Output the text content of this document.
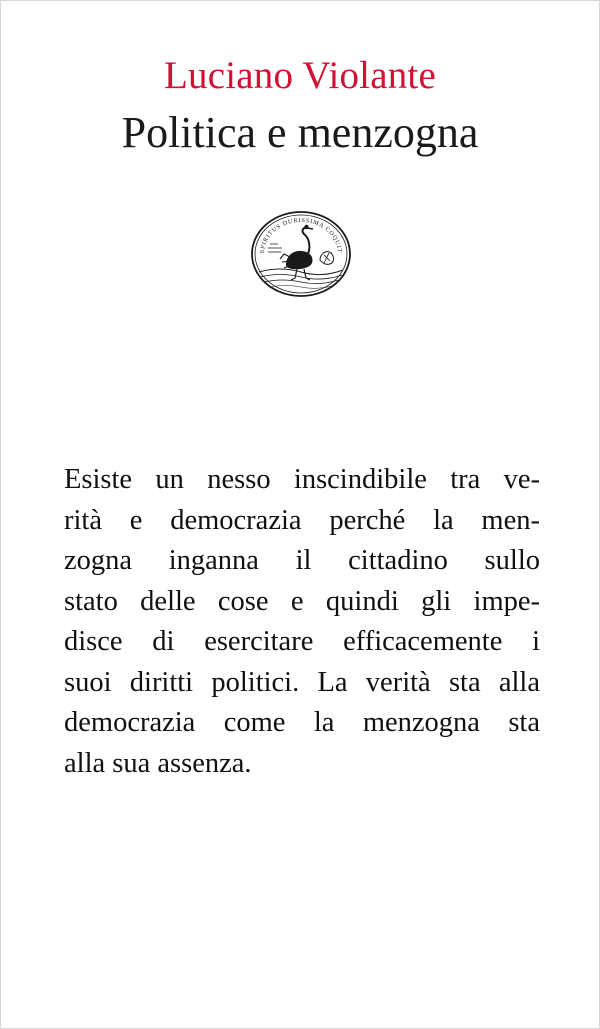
Luciano Violante
Politica e menzogna
SPIRITUS DURISSIMA COQUIT
Esiste un nesso inscindibile tra ve-
rità e democrazia perché la men-
zogna inganna il cittadino sullo
stato delle cose e quindi gli impe-
disce di esercitare efficacemente i
suoi diritti politici. La verità sta alla
democrazia come la menzogna sta
alla sua assenza.
